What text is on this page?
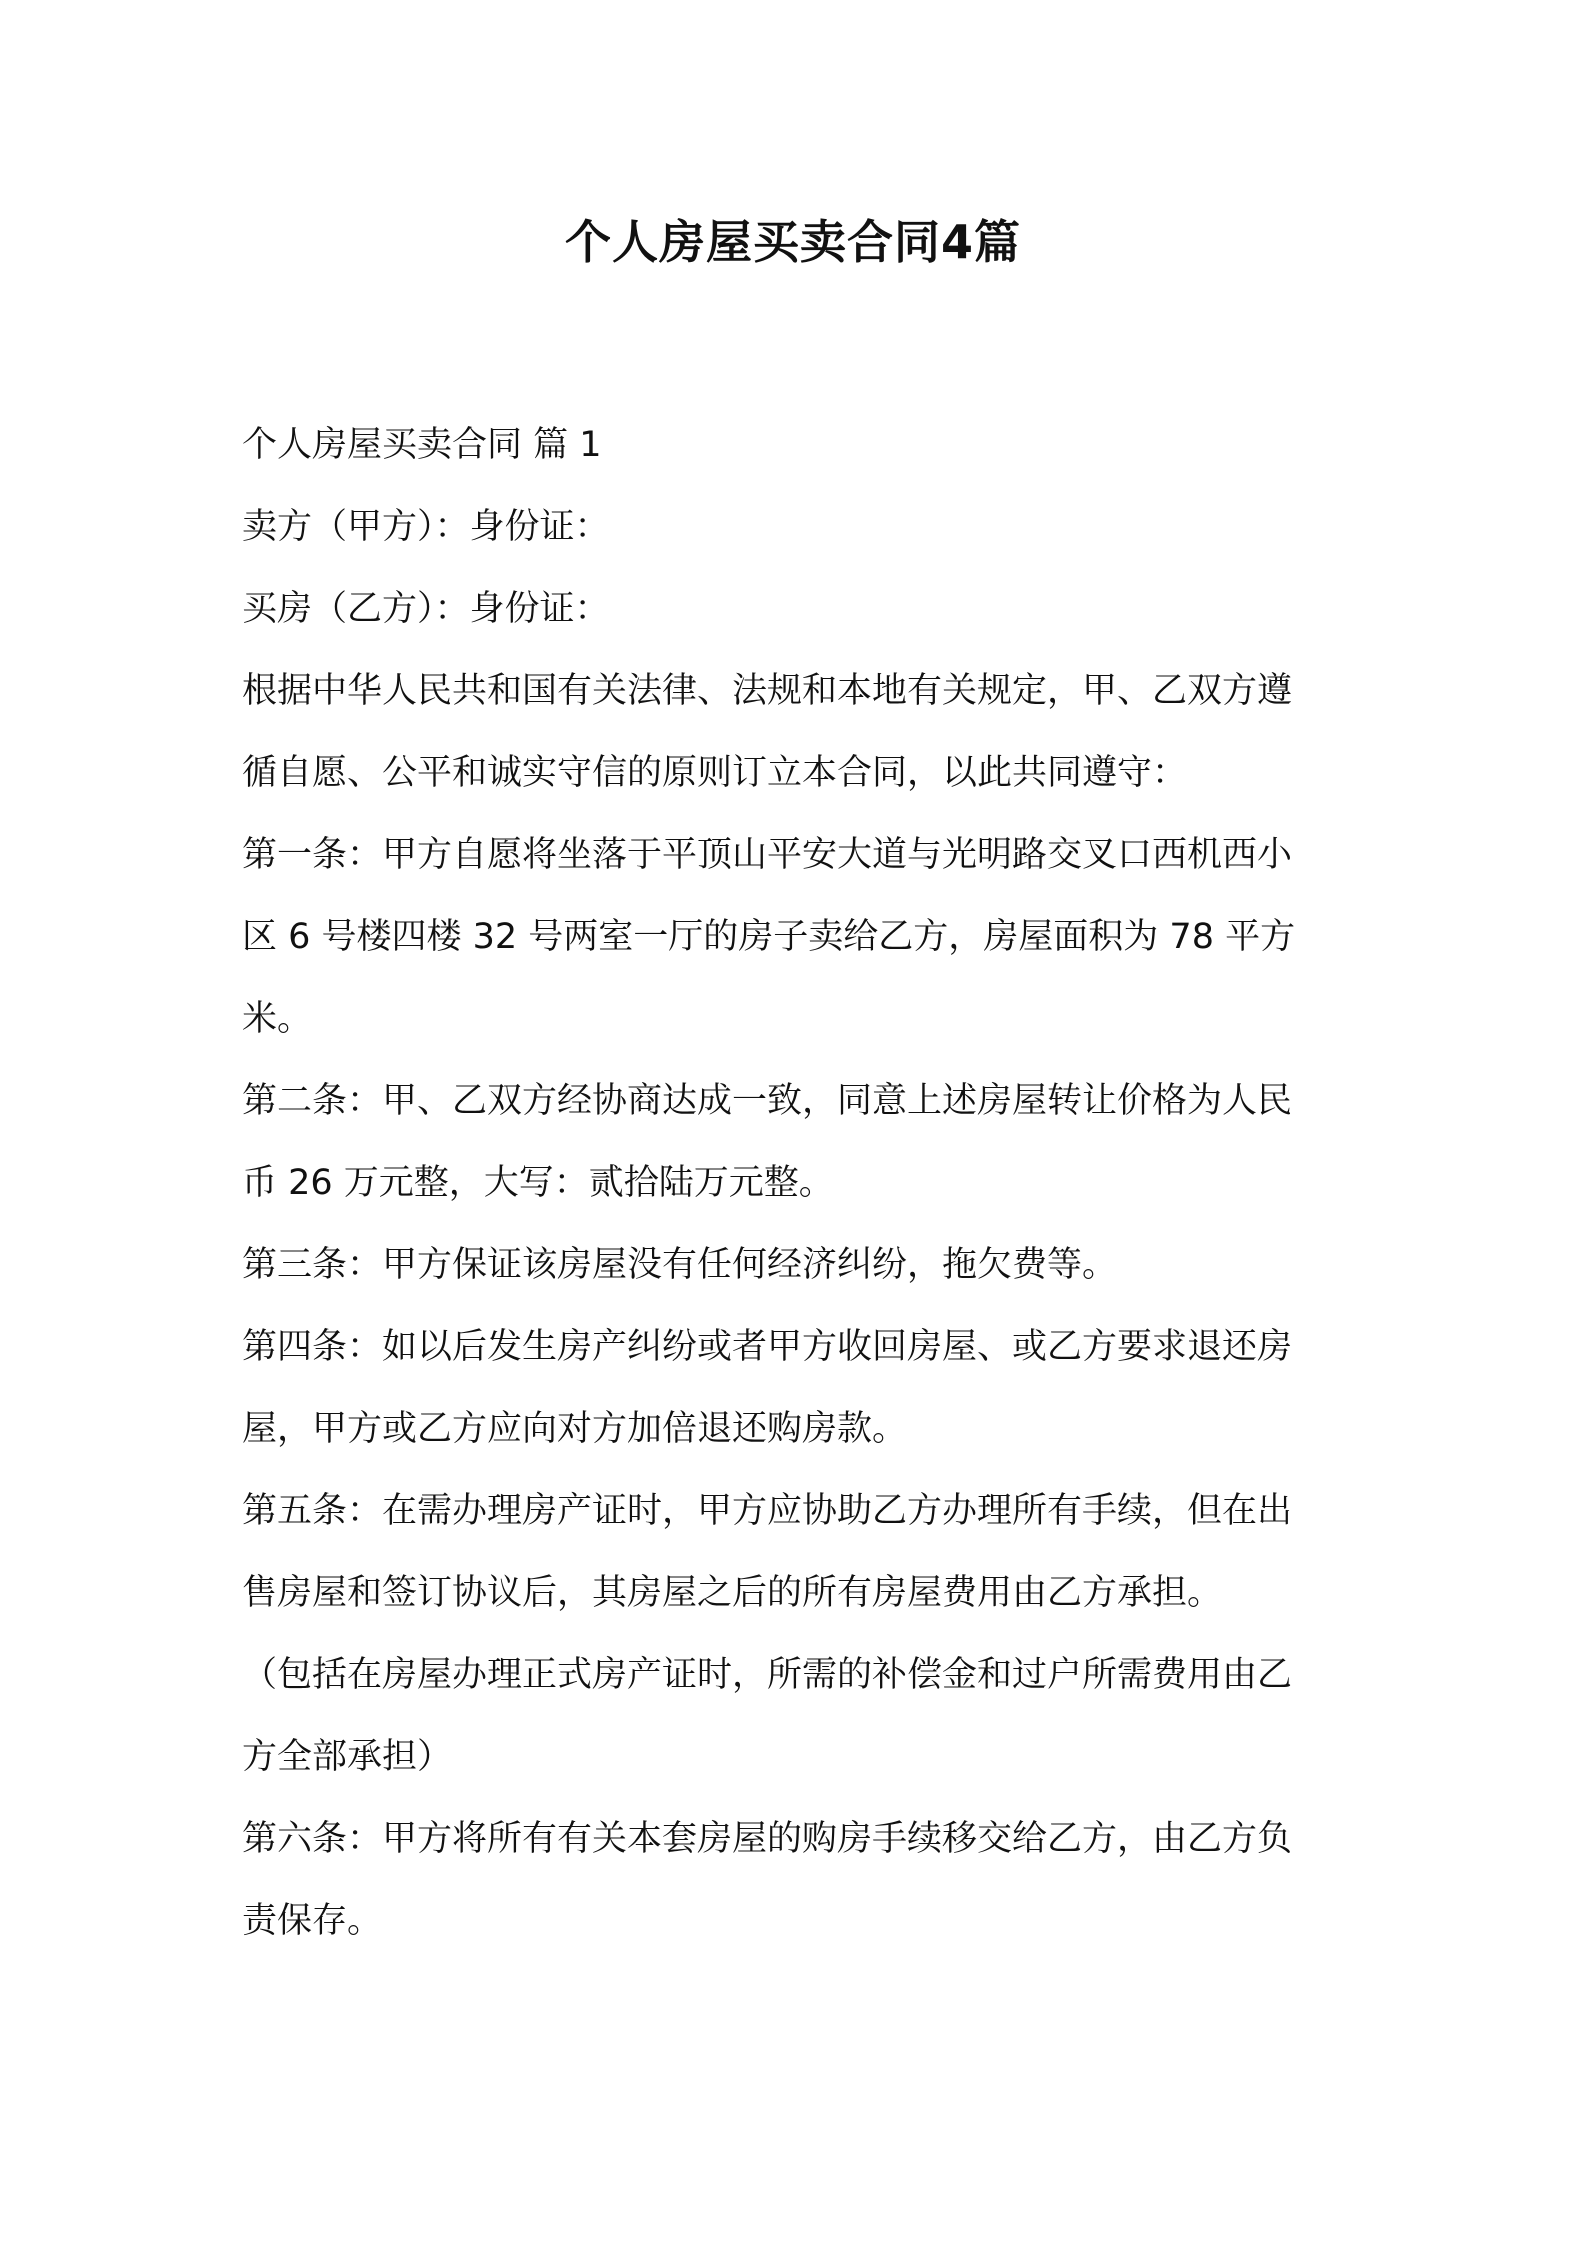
个人房屋买卖合同4篇
个人房屋买卖合同 篇 1
卖方（甲方）：身份证：
买房（乙方）：身份证：
根据中华人民共和国有关法律、法规和本地有关规定，甲、乙双方遵
循自愿、公平和诚实守信的原则订立本合同，以此共同遵守：
第一条：甲方自愿将坐落于平顶山平安大道与光明路交叉口西机西小
区 6 号楼四楼 32 号两室一厅的房子卖给乙方，房屋面积为 78 平方
米。
第二条：甲、乙双方经协商达成一致，同意上述房屋转让价格为人民
币 26 万元整，大写：贰拾陆万元整。
第三条：甲方保证该房屋没有任何经济纠纷，拖欠费等。
第四条：如以后发生房产纠纷或者甲方收回房屋、或乙方要求退还房
屋，甲方或乙方应向对方加倍退还购房款。
第五条：在需办理房产证时，甲方应协助乙方办理所有手续，但在出
售房屋和签订协议后，其房屋之后的所有房屋费用由乙方承担。
（包括在房屋办理正式房产证时，所需的补偿金和过户所需费用由乙
方全部承担）
第六条：甲方将所有有关本套房屋的购房手续移交给乙方，由乙方负
责保存。
